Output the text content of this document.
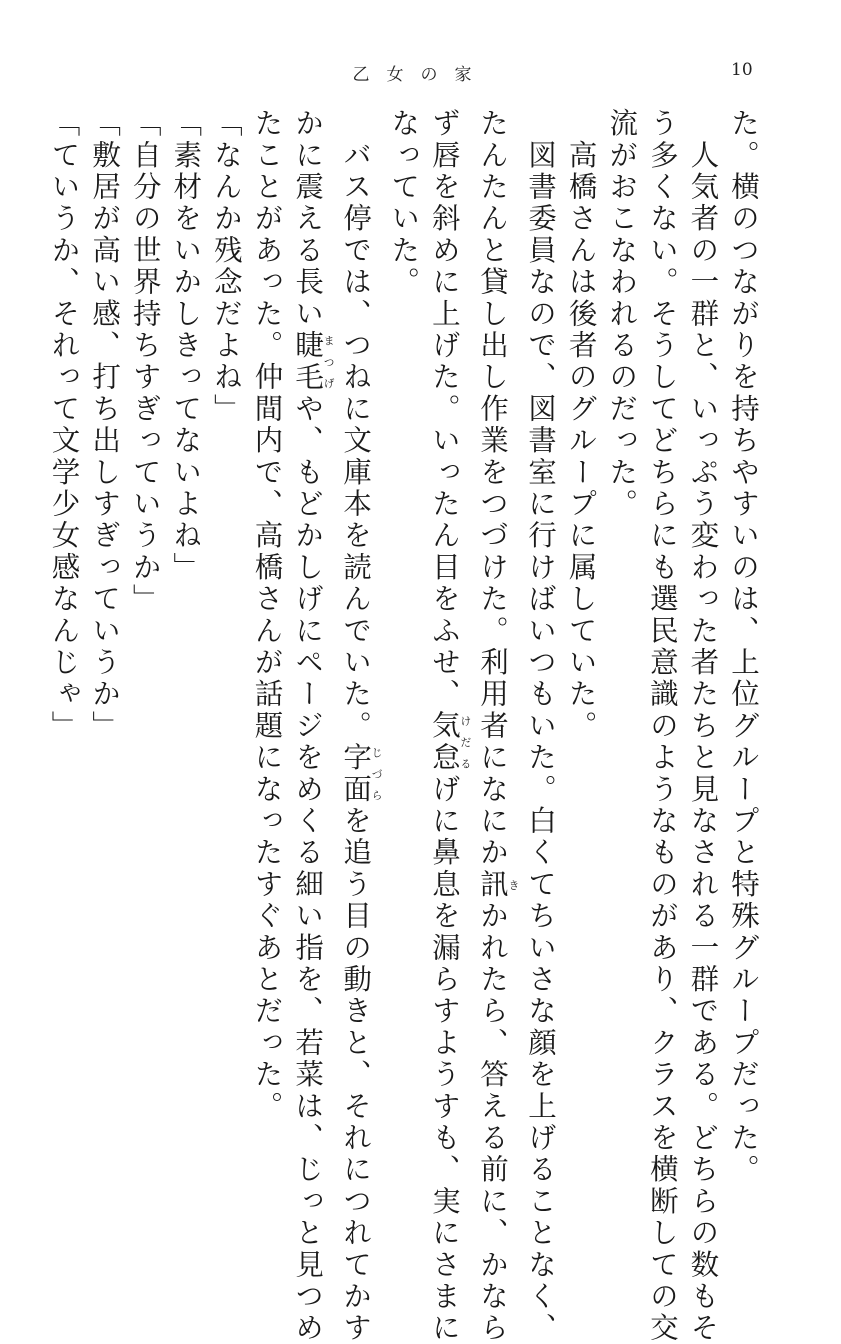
乙女の家	10
た。横のつながりを持ちやすいのは、上位グループと特殊グループだった。
　人気者の一群と、いっぷう変わった者たちと見なされる一群である。どちらの数もそ
う多くない。そうしてどちらにも選民意識のようなものがあり、クラスを横断しての交
流がおこなわれるのだった。
　高橋さんは後者のグループに属していた。
　図書委員なので、図書室に行けばいつもいた。白くてちいさな顔を上げることなく、
たんたんと貸し出し作業をつづけた。利用者になにか訊きかれたら、答える前に、かなら
ず唇を斜めに上げた。いったん目をふせ、気怠けだるげに鼻息を漏らすようすも、実にさまに
なっていた。
　バス停では、つねに文庫本を読んでいた。字面じづらを追う目の動きと、それにつれてかす
かに震える長い睫毛まつげや、もどかしげにページをめくる細い指を、若菜は、じっと見つめ
たことがあった。仲間内で、高橋さんが話題になったすぐあとだった。
「なんか残念だよね」
「素材をいかしきってないよね」
「自分の世界持ちすぎっていうか」
「敷居が高い感、打ち出しすぎっていうか」
「ていうか、それって文学少女感なんじゃ」
